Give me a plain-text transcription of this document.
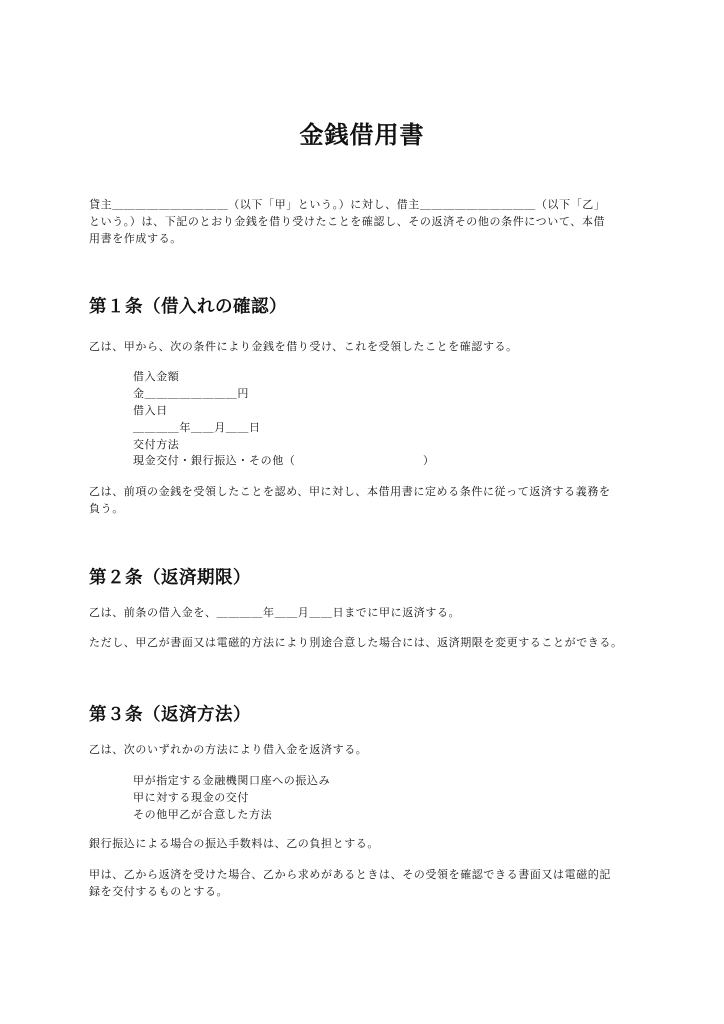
金銭借用書
貸主＿＿＿＿＿＿＿＿＿＿（以下「甲」という。）に対し、借主＿＿＿＿＿＿＿＿＿＿（以下「乙」
という。）は、下記のとおり金銭を借り受けたことを確認し、その返済その他の条件について、本借
用書を作成する。
第１条（借入れの確認）
乙は、甲から、次の条件により金銭を借り受け、これを受領したことを確認する。
借入金額
金＿＿＿＿＿＿＿＿円
借入日
＿＿＿＿年＿＿月＿＿日
交付方法
現金交付・銀行振込・その他（　　　　　　　　　　　）
乙は、前項の金銭を受領したことを認め、甲に対し、本借用書に定める条件に従って返済する義務を
負う。
第２条（返済期限）
乙は、前条の借入金を、＿＿＿＿年＿＿月＿＿日までに甲に返済する。
ただし、甲乙が書面又は電磁的方法により別途合意した場合には、返済期限を変更することができる。
第３条（返済方法）
乙は、次のいずれかの方法により借入金を返済する。
甲が指定する金融機関口座への振込み
甲に対する現金の交付
その他甲乙が合意した方法
銀行振込による場合の振込手数料は、乙の負担とする。
甲は、乙から返済を受けた場合、乙から求めがあるときは、その受領を確認できる書面又は電磁的記
録を交付するものとする。
